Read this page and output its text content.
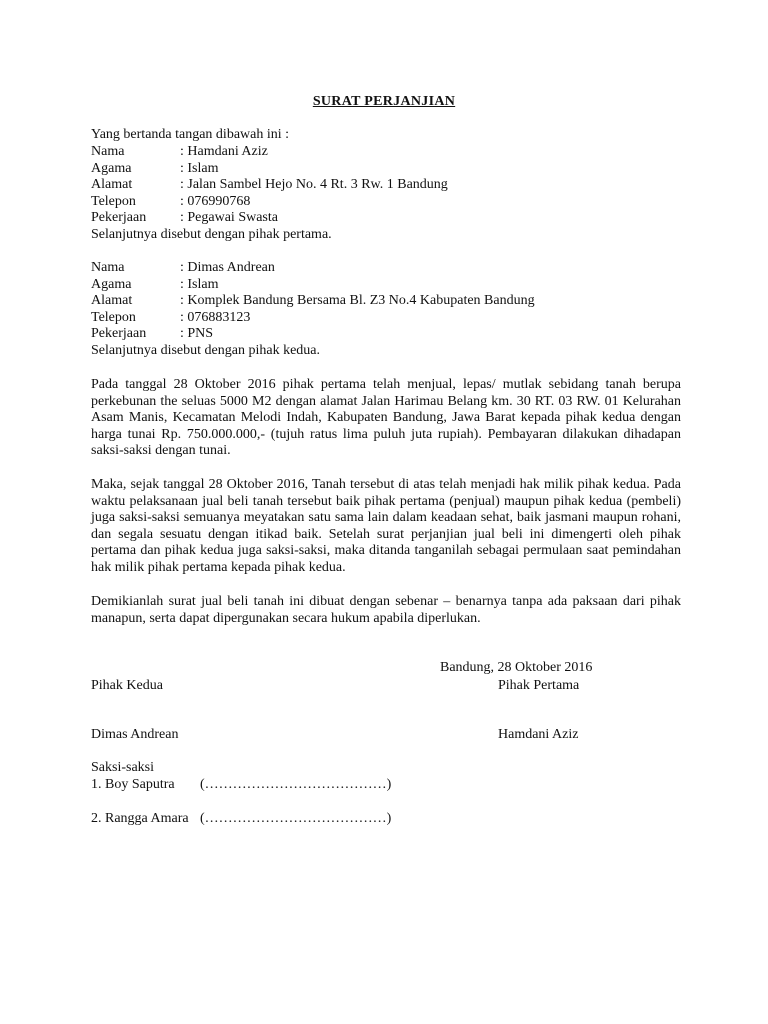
SURAT PERJANJIAN
Yang bertanda tangan dibawah ini :
Nama	: Hamdani Aziz
Agama	: Islam
Alamat	: Jalan Sambel Hejo No. 4 Rt. 3 Rw. 1 Bandung
Telepon	: 076990768
Pekerjaan	: Pegawai Swasta
Selanjutnya disebut dengan pihak pertama.
Nama	: Dimas Andrean
Agama	: Islam
Alamat	: Komplek Bandung Bersama Bl. Z3 No.4 Kabupaten Bandung
Telepon	: 076883123
Pekerjaan	: PNS
Selanjutnya disebut dengan pihak kedua.
Pada tanggal 28 Oktober 2016 pihak pertama telah menjual, lepas/ mutlak sebidang tanah berupa perkebunan the seluas 5000 M2 dengan alamat Jalan Harimau Belang km. 30 RT. 03 RW. 01 Kelurahan Asam Manis, Kecamatan Melodi Indah, Kabupaten Bandung, Jawa Barat kepada pihak kedua dengan harga tunai Rp. 750.000.000,- (tujuh ratus lima puluh juta rupiah). Pembayaran dilakukan dihadapan saksi-saksi dengan tunai.
Maka, sejak tanggal 28 Oktober 2016, Tanah tersebut di atas telah menjadi hak milik pihak kedua. Pada waktu pelaksanaan jual beli tanah tersebut baik pihak pertama (penjual) maupun pihak kedua (pembeli) juga saksi-saksi semuanya meyatakan satu sama lain dalam keadaan sehat, baik jasmani maupun rohani, dan segala sesuatu dengan itikad baik. Setelah surat perjanjian jual beli ini dimengerti oleh pihak pertama dan pihak kedua juga saksi-saksi, maka ditanda tanganilah sebagai permulaan saat pemindahan hak milik pihak pertama kepada pihak kedua.
Demikianlah surat jual beli tanah ini dibuat dengan sebenar – benarnya tanpa ada paksaan dari pihak manapun, serta dapat dipergunakan secara hukum apabila diperlukan.
Bandung, 28 Oktober 2016
Pihak Kedua	Pihak Pertama
Dimas Andrean	Hamdani Aziz
Saksi-saksi
1. Boy Saputra (…………………………………)
2. Rangga Amara (…………………………………)
